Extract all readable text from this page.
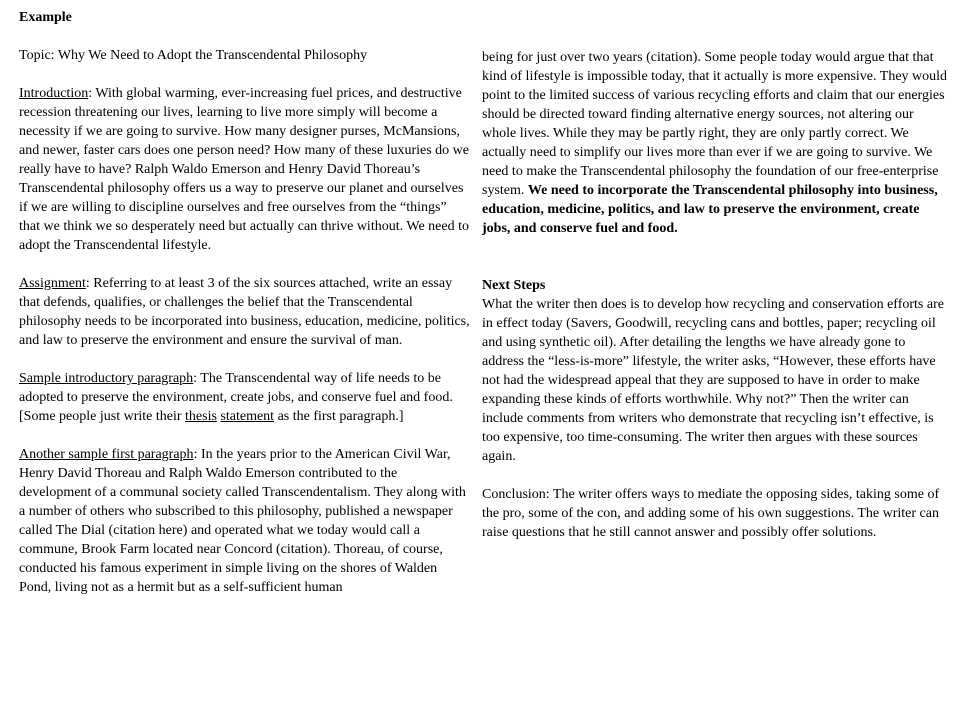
Example

Topic: Why We Need to Adopt the Transcendental Philosophy

Introduction: With global warming, ever-increasing fuel prices, and destructive recession threatening our lives, learning to live more simply will become a necessity if we are going to survive. How many designer purses, McMansions, and newer, faster cars does one person need? How many of these luxuries do we really have to have? Ralph Waldo Emerson and Henry David Thoreau’s Transcendental philosophy offers us a way to preserve our planet and ourselves if we are willing to discipline ourselves and free ourselves from the “things” that we think we so desperately need but actually can thrive without. We need to adopt the Transcendental lifestyle.

Assignment: Referring to at least 3 of the six sources attached, write an essay that defends, qualifies, or challenges the belief that the Transcendental philosophy needs to be incorporated into business, education, medicine, politics, and law to preserve the environment and ensure the survival of man.

Sample introductory paragraph: The Transcendental way of life needs to be adopted to preserve the environment, create jobs, and conserve fuel and food. [Some people just write their thesis statement as the first paragraph.]

Another sample first paragraph: In the years prior to the American Civil War, Henry David Thoreau and Ralph Waldo Emerson contributed to the development of a communal society called Transcendentalism. They along with a number of others who subscribed to this philosophy, published a newspaper called The Dial (citation here) and operated what we today would call a commune, Brook Farm located near Concord (citation). Thoreau, of course, conducted his famous experiment in simple living on the shores of Walden Pond, living not as a hermit but as a self-sufficient human

being for just over two years (citation). Some people today would argue that that kind of lifestyle is impossible today, that it actually is more expensive. They would point to the limited success of various recycling efforts and claim that our energies should be directed toward finding alternative energy sources, not altering our whole lives. While they may be partly right, they are only partly correct. We actually need to simplify our lives more than ever if we are going to survive. We need to make the Transcendental philosophy the foundation of our free-enterprise system. We need to incorporate the Transcendental philosophy into business, education, medicine, politics, and law to preserve the environment, create jobs, and conserve fuel and food.

Next Steps

What the writer then does is to develop how recycling and conservation efforts are in effect today (Savers, Goodwill, recycling cans and bottles, paper; recycling oil and using synthetic oil). After detailing the lengths we have already gone to address the “less-is-more” lifestyle, the writer asks, “However, these efforts have not had the widespread appeal that they are supposed to have in order to make expanding these kinds of efforts worthwhile. Why not?” Then the writer can include comments from writers who demonstrate that recycling isn’t effective, is too expensive, too time-consuming. The writer then argues with these sources again.

Conclusion: The writer offers ways to mediate the opposing sides, taking some of the pro, some of the con, and adding some of his own suggestions. The writer can raise questions that he still cannot answer and possibly offer solutions.
